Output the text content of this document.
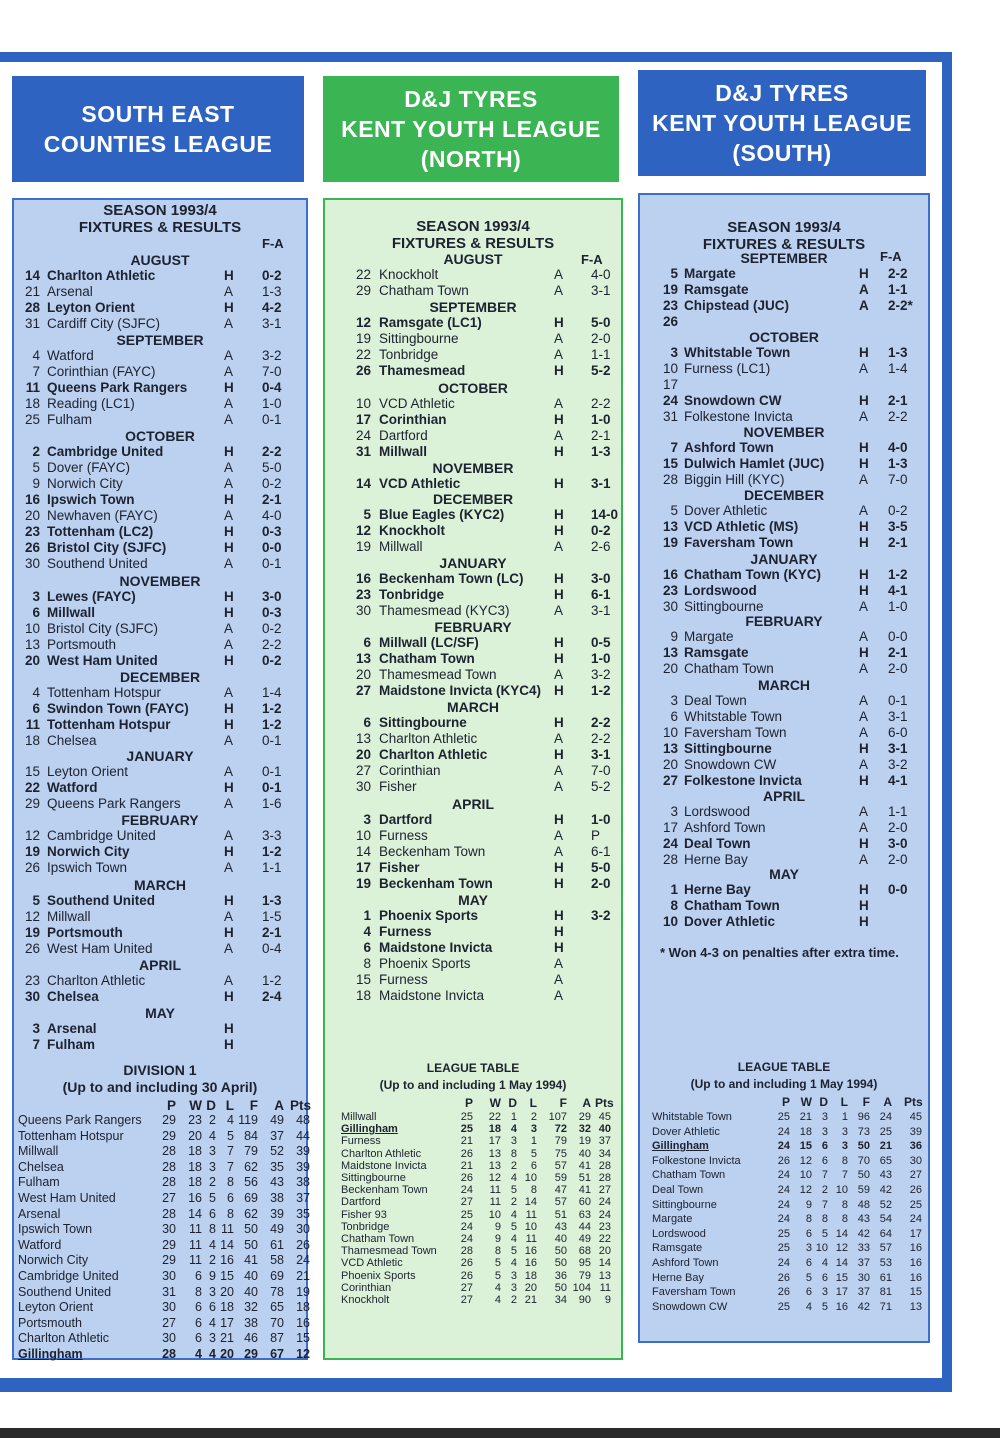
SOUTH EAST
COUNTIES LEAGUE
D&J TYRES
KENT YOUTH LEAGUE
(NORTH)
D&J TYRES
KENT YOUTH LEAGUE
(SOUTH)
SEASON 1993/4
FIXTURES & RESULTS
F-A
AUGUST
SEPTEMBER
OCTOBER
NOVEMBER
DECEMBER
JANUARY
FEBRUARY
MARCH
APRIL
MAY
14 Charlton Athletic	H 0-2
21 Arsenal	A 1-3
28 Leyton Orient	H 4-2
31 Cardiff City (SJFC)	A 3-1
4 Watford	A 3-2
7 Corinthian (FAYC)	A 7-0
11 Queens Park Rangers	H 0-4
18 Reading (LC1)	A 1-0
25 Fulham	A 0-1
2 Cambridge United	H 2-2
5 Dover (FAYC)	A 5-0
9 Norwich City	A 0-2
16 Ipswich Town	H 2-1
20 Newhaven (FAYC)	A 4-0
23 Tottenham (LC2)	H 0-3
26 Bristol City (SJFC)	H 0-0
30 Southend United	A 0-1
3 Lewes (FAYC)	H 3-0
6 Millwall	H 0-3
10 Bristol City (SJFC)	A 0-2
13 Portsmouth	A 2-2
20 West Ham United	H 0-2
4 Tottenham Hotspur	A 1-4
6 Swindon Town (FAYC)	H 1-2
11 Tottenham Hotspur	H 1-2
18 Chelsea	A 0-1
15 Leyton Orient	A 0-1
22 Watford	H 0-1
29 Queens Park Rangers	A 1-6
12 Cambridge United	A 3-3
19 Norwich City	H 1-2
26 Ipswich Town	A 1-1
5 Southend United	H 1-3
12 Millwall	A 1-5
19 Portsmouth	H 2-1
26 West Ham United	A 0-4
23 Charlton Athletic	A 1-2
30 Chelsea	H 2-4
3 Arsenal	H
7 Fulham	H
DIVISION 1
(Up to and including 30 April)
P W D L	F	A Pts
Queens Park Rangers	29 23 2 4 119 49 48
Tottenham Hotspur	29 20 4 5 84 37 44
Millwall	28 18 3 7 79 52 39
Chelsea	28 18 3 7 62 35 39
Fulham	28 18 2 8 56 43 38
West Ham United	27 16 5 6 69 38 37
Arsenal	28 14 6 8 62 39 35
Ipswich Town	30	11 8 11 50 49 30
Watford	29	11 4 14 50 61 26
Norwich City	29	11 2 16 41 58 24
Cambridge United	30	6 9 15 40 69 21
Southend United	31	8 3 20 40 78 19
Leyton Orient	30	6 6 18 32 65 18
Portsmouth	27	6 4 17 38 70 16
Charlton Athletic	30	6 3 21 46 87 15
Gillingham	28	4 4 20 29 67 12
SEASON 1993/4
FIXTURES & RESULTS
F-A
AUGUST
SEPTEMBER
OCTOBER
NOVEMBER
DECEMBER
JANUARY
FEBRUARY
MARCH
APRIL
MAY
22 Knockholt	A 4-0
29 Chatham Town	A 3-1
12 Ramsgate (LC1)	H 5-0
19 Sittingbourne	A 2-0
22 Tonbridge	A 1-1
26 Thamesmead	H 5-2
10 VCD Athletic	A 2-2
17 Corinthian	H 1-0
24 Dartford	A 2-1
31 Millwall	H 1-3
14 VCD Athletic	H 3-1
5 Blue Eagles (KYC2)	H 14-0
12 Knockholt	H 0-2
19 Millwall	A 2-6
16 Beckenham Town (LC) H 3-0
23 Tonbridge	H 6-1
30 Thamesmead (KYC3)	A 3-1
6 Millwall (LC/SF)	H 0-5
13 Chatham Town	H 1-0
20 Thamesmead Town	A 3-2
27 Maidstone Invicta (KYC4) H 1-2
6 Sittingbourne	H 2-2
13 Charlton Athletic	A 2-2
20 Charlton Athletic	H 3-1
27 Corinthian	A 7-0
30 Fisher	A 5-2
3 Dartford	H 1-0
10 Furness	A P
14 Beckenham Town	A 6-1
17 Fisher	H 5-0
19 Beckenham Town	H 2-0
1 Phoenix Sports	H 3-2
4 Furness	H
6 Maidstone Invicta	H
8 Phoenix Sports	A
15 Furness	A
18 Maidstone Invicta	A
LEAGUE TABLE
(Up to and including 1 May 1994)
P	W D	L	F	A Pts
Millwall	25	22 1	2 107	29 45
Gillingham	25	18 4	3	72	32 40
Furness	21	17 3	1	79	19 37
Charlton Athletic	26	13 8	5	75	40 34
Maidstone Invicta	21	13 2	6	57	41 28
Sittingbourne	26	12 4 10	59	51 28
Beckenham Town	24	11 5	8	47	41 27
Dartford	27	11 2 14	57	60 24
Fisher 93	25	10 4 11	51	63 24
Tonbridge	24	9 5 10	43	44 23
Chatham Town	24	9 4 11	40	49 22
Thamesmead Town	28	8 5 16	50	68 20
VCD Athletic	26	5 4 16	50	95 14
Phoenix Sports	26	5 3 18	36	79 13
Corinthian	27	4 3 20	50 104 11
Knockholt	27	4 2 21	34	90	9
SEASON 1993/4
FIXTURES & RESULTS
F-A
SEPTEMBER
OCTOBER
NOVEMBER
DECEMBER
JANUARY
FEBRUARY
MARCH
APRIL
MAY
5 Margate	H 2-2
19 Ramsgate	A 1-1
23 Chipstead (JUC)	A 2-2*
26
3 Whitstable Town	H 1-3
10 Furness (LC1)	A 1-4
17
24 Snowdown CW	H 2-1
31 Folkestone Invicta	A 2-2
7 Ashford Town	H 4-0
15 Dulwich Hamlet (JUC)	H 1-3
28 Biggin Hill (KYC)	A 7-0
5 Dover Athletic	A 0-2
13 VCD Athletic (MS)	H 3-5
19 Faversham Town	H 2-1
16 Chatham Town (KYC)	H 1-2
23 Lordswood	H 4-1
30 Sittingbourne	A 1-0
9 Margate	A 0-0
13 Ramsgate	H 2-1
20 Chatham Town	A 2-0
3 Deal Town	A 0-1
6 Whitstable Town	A 3-1
10 Faversham Town	A 6-0
13 Sittingbourne	H 3-1
20 Snowdown CW	A 3-2
27 Folkestone Invicta	H 4-1
3 Lordswood	A 1-1
17 Ashford Town	A 2-0
24 Deal Town	H 3-0
28 Herne Bay	A 2-0
1 Herne Bay	H 0-0
8 Chatham Town	H
10 Dover Athletic	H
* Won 4-3 on penalties after extra time.
LEAGUE TABLE
(Up to and including 1 May 1994)
P W D	L	F	A Pts
Whitstable Town	25 21 3	1 96 24	45
Dover Athletic	24 18 3	3 73 25	39
Gillingham	24 15 6	3 50 21	36
Folkestone Invicta	26 12 6	8 70 65	30
Chatham Town	24 10 7	7 50 43	27
Deal Town	24 12 2 10 59 42	26
Sittingbourne	24	9 7	8 48 52	25
Margate	24	8 8	8 43 54	24
Lordswood	25	6 5 14 42 64	17
Ramsgate	25	3 10 12 33 57	16
Ashford Town	24	6 4 14 37 53	16
Herne Bay	26	5 6 15 30 61	16
Faversham Town	26	6 3 17 37 81	15
Snowdown CW	25	4 5 16 42 71	13
